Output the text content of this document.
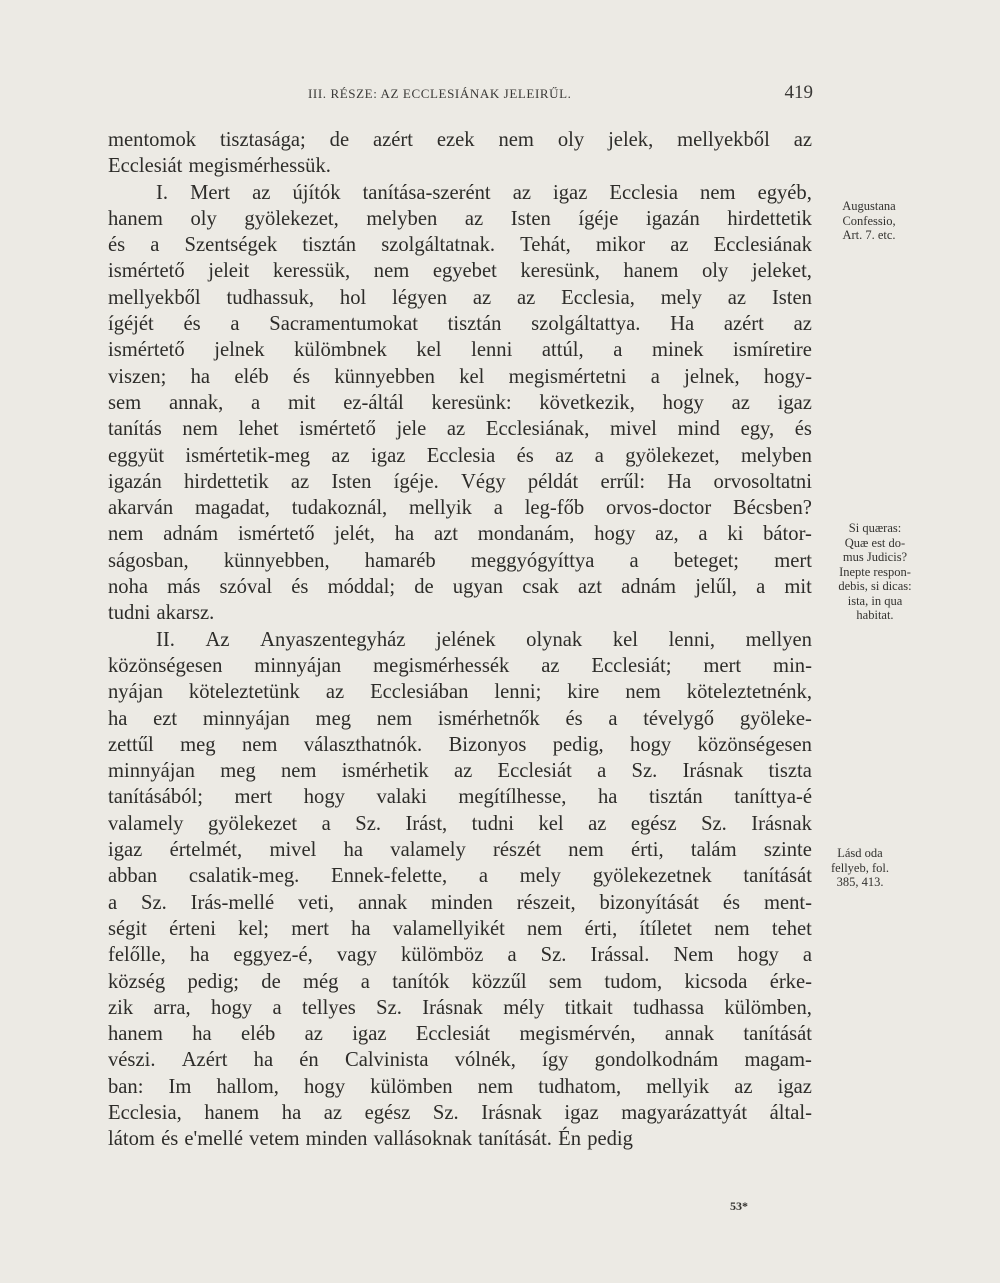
III. RÉSZE: AZ ECCLESIÁNAK JELEIRŰL.	419
mentomok tisztasága; de azért ezek nem oly jelek, mellyekből az
Ecclesiát megismérhessük.
I. Mert az újítók tanítása-szerént az igaz Ecclesia nem egyéb,
hanem oly gyölekezet, melyben az Isten ígéje igazán hirdettetik
és a Szentségek tisztán szolgáltatnak. Tehát, mikor az Ecclesiának
ismértető jeleit keressük, nem egyebet keresünk, hanem oly jeleket,
mellyekből tudhassuk, hol légyen az az Ecclesia, mely az Isten
ígéjét és a Sacramentumokat tisztán szolgáltattya. Ha azért az
ismértető jelnek külömbnek kel lenni attúl, a minek ismíretire
viszen; ha eléb és künnyebben kel megismértetni a jelnek, hogy-
sem annak, a mit ez-áltál keresünk: következik, hogy az igaz
tanítás nem lehet ismértető jele az Ecclesiának, mivel mind egy, és
eggyüt ismértetik-meg az igaz Ecclesia és az a gyölekezet, melyben
igazán hirdettetik az Isten ígéje. Végy példát errűl: Ha orvosoltatni
akarván magadat, tudakoznál, mellyik a leg-főb orvos-doctor Bécsben?
nem adnám ismértető jelét, ha azt mondanám, hogy az, a ki bátor-
ságosban, künnyebben, hamaréb meggyógyíttya a beteget; mert
noha más szóval és móddal; de ugyan csak azt adnám jelűl, a mit
tudni akarsz.
II. Az Anyaszentegyház jelének olynak kel lenni, mellyen
közönségesen minnyájan megismérhessék az Ecclesiát; mert min-
nyájan köteleztetünk az Ecclesiában lenni; kire nem köteleztetnénk,
ha ezt minnyájan meg nem ismérhetnők és a tévelygő gyöleke-
zettűl meg nem választhatnók. Bizonyos pedig, hogy közönségesen
minnyájan meg nem ismérhetik az Ecclesiát a Sz. Irásnak tiszta
tanításából; mert hogy valaki megítílhesse, ha tisztán taníttya-é
valamely gyölekezet a Sz. Irást, tudni kel az egész Sz. Irásnak
igaz értelmét, mivel ha valamely részét nem érti, talám szinte
abban csalatik-meg. Ennek-felette, a mely gyölekezetnek tanítását
a Sz. Irás-mellé veti, annak minden részeit, bizonyítását és ment-
ségit érteni kel; mert ha valamellyikét nem érti, ítíletet nem tehet
felőlle, ha eggyez-é, vagy külömböz a Sz. Irással. Nem hogy a
község pedig; de még a tanítók közzűl sem tudom, kicsoda érke-
zik arra, hogy a tellyes Sz. Irásnak mély titkait tudhassa külömben,
hanem ha eléb az igaz Ecclesiát megismérvén, annak tanítását
vészi. Azért ha én Calvinista vólnék, így gondolkodnám magam-
ban: Im hallom, hogy külömben nem tudhatom, mellyik az igaz
Ecclesia, hanem ha az egész Sz. Irásnak igaz magyarázattyát által-
látom és e'mellé vetem minden vallásoknak tanítását. Én pedig
Augustana
Confessio,
Art. 7. etc.
Si quæras:
Quæ est do-
mus Judicis?
Inepte respon-
debis, si dicas:
ista, in qua
habitat.
Lásd oda
fellyeb, fol.
385, 413.
53*
